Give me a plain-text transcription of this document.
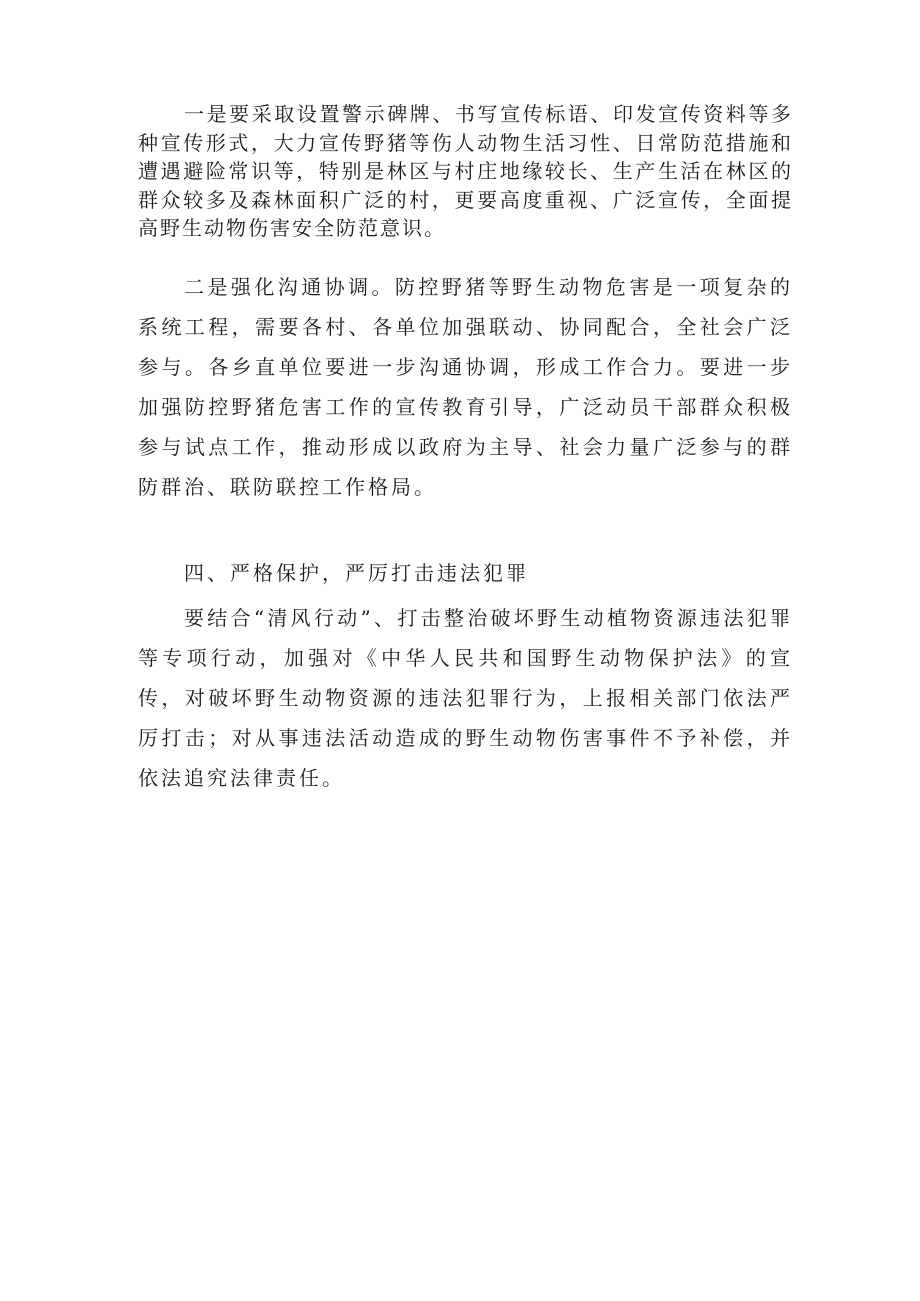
一是要采取设置警示碑牌、书写宣传标语、印发宣传资料等多种宣传形式，大力宣传野猪等伤人动物生活习性、日常防范措施和遭遇避险常识等，特别是林区与村庄地缘较长、生产生活在林区的群众较多及森林面积广泛的村，更要高度重视、广泛宣传，全面提高野生动物伤害安全防范意识。

二是强化沟通协调。防控野猪等野生动物危害是一项复杂的系统工程，需要各村、各单位加强联动、协同配合，全社会广泛参与。各乡直单位要进一步沟通协调，形成工作合力。要进一步加强防控野猪危害工作的宣传教育引导，广泛动员干部群众积极参与试点工作，推动形成以政府为主导、社会力量广泛参与的群防群治、联防联控工作格局。

四、严格保护，严厉打击违法犯罪

要结合“清风行动”、打击整治破坏野生动植物资源违法犯罪等专项行动，加强对《中华人民共和国野生动物保护法》的宣传，对破坏野生动物资源的违法犯罪行为，上报相关部门依法严厉打击；对从事违法活动造成的野生动物伤害事件不予补偿，并依法追究法律责任。
